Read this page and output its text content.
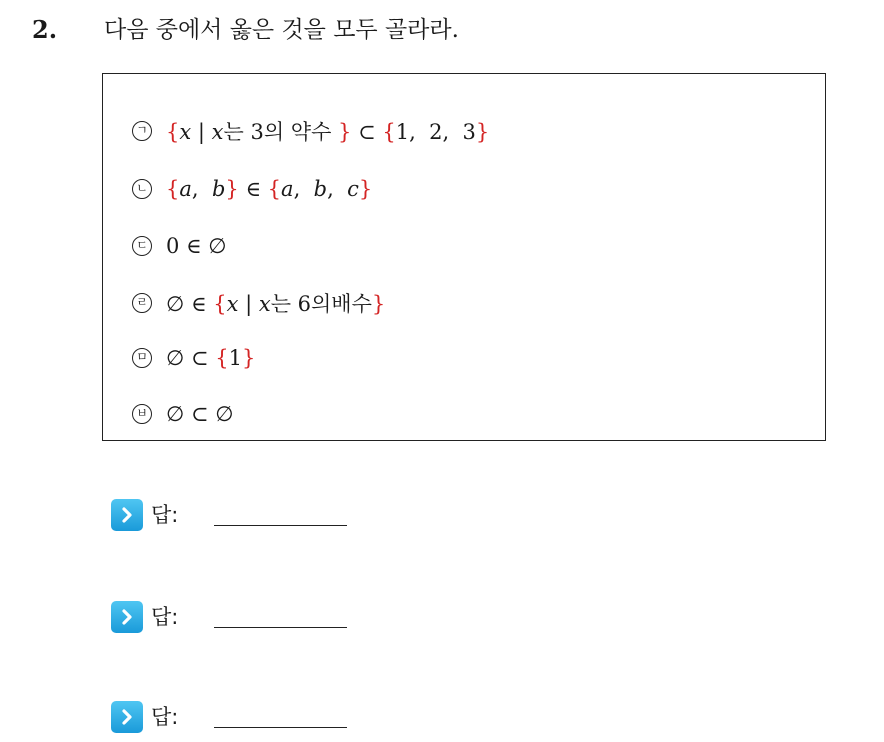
2. 다음 중에서 옳은 것을 모두 골라라.
ㄱ {x | x는 3의 약수 } ⊂ {1,  2,  3}
ㄴ {a,  b} ∈ {a,  b,  c}
ㄷ 0 ∈ ∅
ㄹ ∅ ∈ {x | x는 6의배수}
ㅁ ∅ ⊂ {1}
ㅂ ∅ ⊂ ∅
답:
답:
답:
